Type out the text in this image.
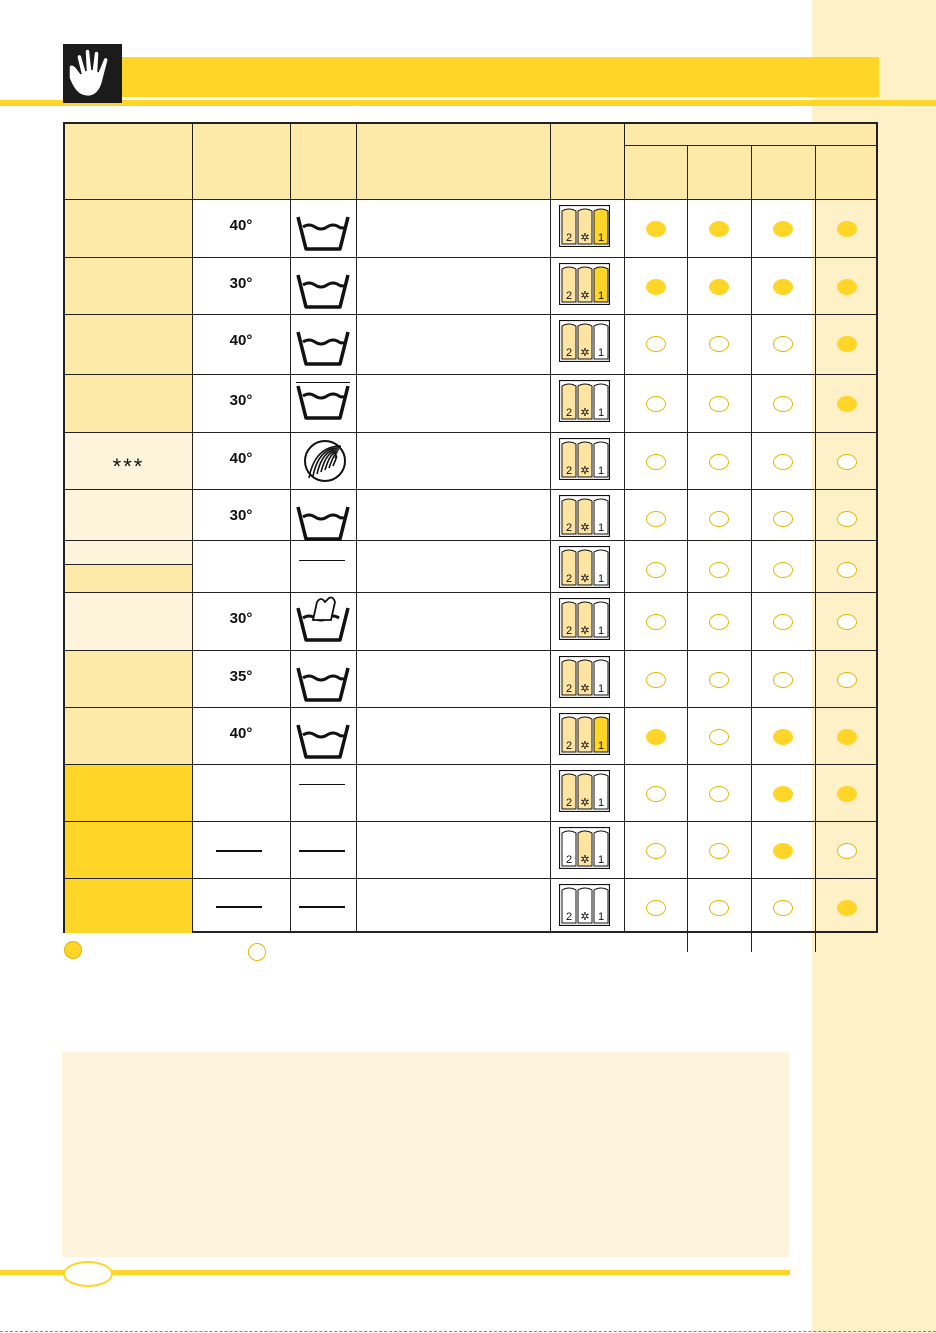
40°
2 ✲ 1
30°
2 ✲ 1
40°
2 ✲ 1
30°
2 ✲ 1
40°
***	2 ✲ 1
30°
2 ✲ 1
2 ✲ 1
30°
2 ✲ 1
35°
2 ✲ 1
40°
2 ✲ 1
2 ✲ 1
2 ✲ 1
2 ✲ 1
